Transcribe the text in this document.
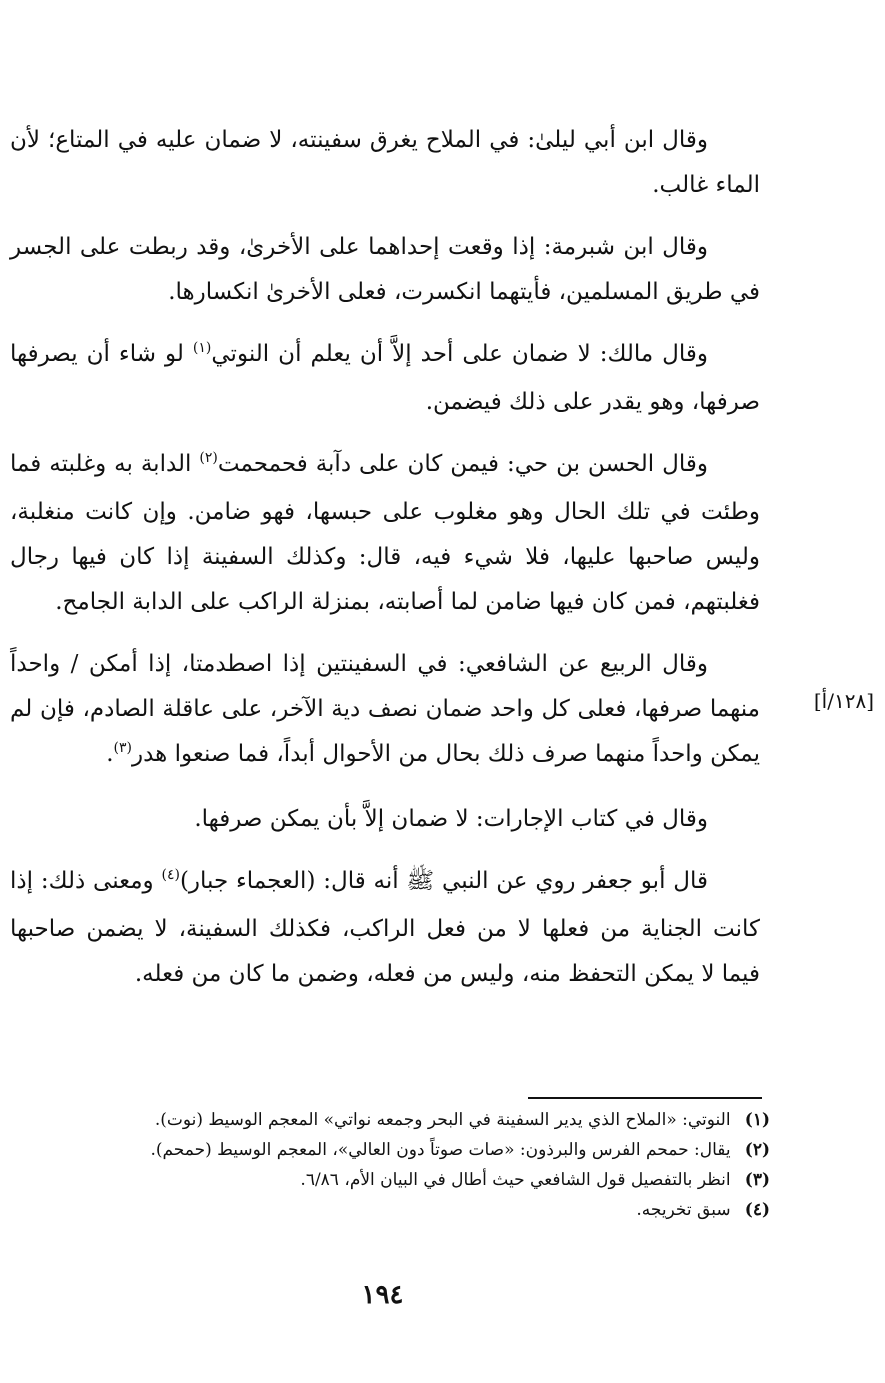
[١٢٨/أ]

وقال ابن أبي ليلىٰ: في الملاح يغرق سفينته، لا ضمان عليه في المتاع؛ لأن الماء غالب.

وقال ابن شبرمة: إذا وقعت إحداهما على الأخرىٰ، وقد ربطت على الجسر في طريق المسلمين، فأيتهما انكسرت، فعلى الأخرىٰ انكسارها.

وقال مالك: لا ضمان على أحد إلاَّ أن يعلم أن النوتي$^{(١)}$ لو شاء أن يصرفها صرفها، وهو يقدر على ذلك فيضمن.

وقال الحسن بن حي: فيمن كان على دآبة فحمحمت$^{(٢)}$ الدابة به وغلبته فما وطئت في تلك الحال وهو مغلوب على حبسها، فهو ضامن. وإن كانت منغلبة، وليس صاحبها عليها، فلا شيء فيه، قال: وكذلك السفينة إذا كان فيها رجال فغلبتهم، فمن كان فيها ضامن لما أصابته، بمنزلة الراكب على الدابة الجامح.

وقال الربيع عن الشافعي: في السفينتين إذا اصطدمتا، إذا أمكن / واحداً منهما صرفها، فعلى كل واحد ضمان نصف دية الآخر، على عاقلة الصادم، فإن لم يمكن واحداً منهما صرف ذلك بحال من الأحوال أبداً، فما صنعوا هدر$^{(٣)}$.

وقال في كتاب الإجارات: لا ضمان إلاَّ بأن يمكن صرفها.

قال أبو جعفر روي عن النبي ﷺ أنه قال: (العجماء جبار)$^{(٤)}$ ومعنى ذلك: إذا كانت الجناية من فعلها لا من فعل الراكب، فكذلك السفينة، لا يضمن صاحبها فيما لا يمكن التحفظ منه، وليس من فعله، وضمن ما كان من فعله.

(١) النوتي: «الملاح الذي يدير السفينة في البحر وجمعه نواتي» المعجم الوسيط (نوت).
(٢) يقال: حمحم الفرس والبرذون: «صات صوتاً دون العالي»، المعجم الوسيط (حمحم).
(٣) انظر بالتفصيل قول الشافعي حيث أطال في البيان الأم، ٦/٨٦.
(٤) سبق تخريجه.
١٩٤
